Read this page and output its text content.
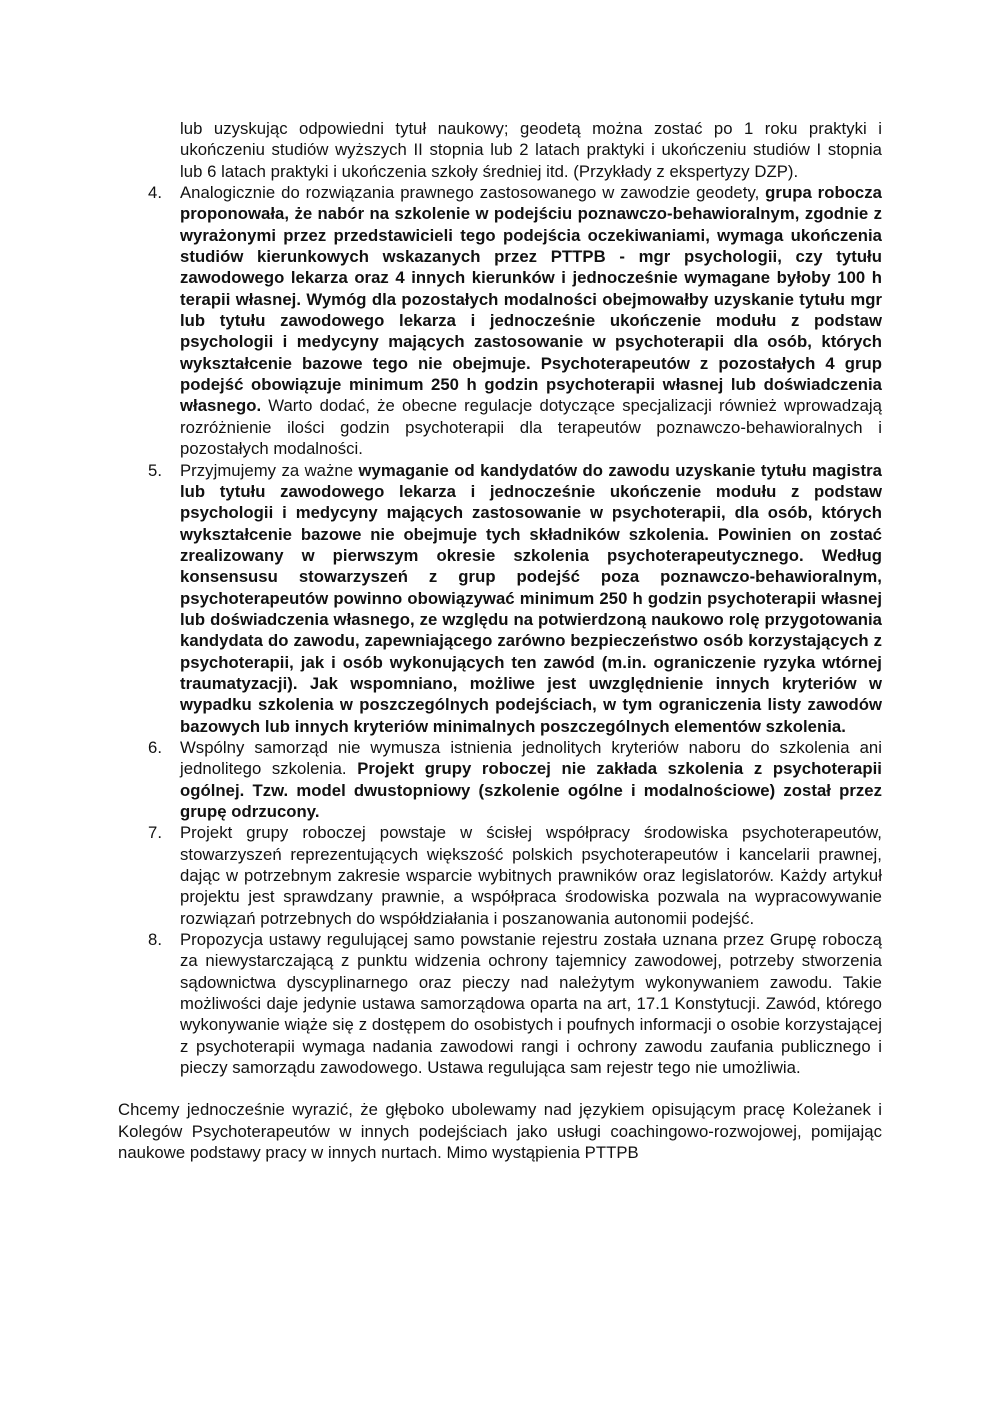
lub uzyskując odpowiedni tytuł naukowy; geodetą można zostać po 1 roku praktyki i ukończeniu studiów wyższych II stopnia lub 2 latach praktyki i ukończeniu studiów I stopnia lub 6 latach praktyki i ukończenia szkoły średniej itd. (Przykłady z ekspertyzy DZP).

4. Analogicznie do rozwiązania prawnego zastosowanego w zawodzie geodety, grupa robocza proponowała, że nabór na szkolenie w podejściu poznawczo-behawioralnym, zgodnie z wyrażonymi przez przedstawicieli tego podejścia oczekiwaniami, wymaga ukończenia studiów kierunkowych wskazanych przez PTTPB - mgr psychologii, czy tytułu zawodowego lekarza oraz 4 innych kierunków i jednocześnie wymagane byłoby 100 h terapii własnej. Wymóg dla pozostałych modalności obejmowałby uzyskanie tytułu mgr lub tytułu zawodowego lekarza i jednocześnie ukończenie modułu z podstaw psychologii i medycyny mających zastosowanie w psychoterapii dla osób, których wykształcenie bazowe tego nie obejmuje. Psychoterapeutów z pozostałych 4 grup podejść obowiązuje minimum 250 h godzin psychoterapii własnej lub doświadczenia własnego. Warto dodać, że obecne regulacje dotyczące specjalizacji również wprowadzają rozróżnienie ilości godzin psychoterapii dla terapeutów poznawczo-behawioralnych i pozostałych modalności.

5. Przyjmujemy za ważne wymaganie od kandydatów do zawodu uzyskanie tytułu magistra lub tytułu zawodowego lekarza i jednocześnie ukończenie modułu z podstaw psychologii i medycyny mających zastosowanie w psychoterapii, dla osób, których wykształcenie bazowe nie obejmuje tych składników szkolenia. Powinien on zostać zrealizowany w pierwszym okresie szkolenia psychoterapeutycznego. Według konsensusu stowarzyszeń z grup podejść poza poznawczo-behawioralnym, psychoterapeutów powinno obowiązywać minimum 250 h godzin psychoterapii własnej lub doświadczenia własnego, ze względu na potwierdzoną naukowo rolę przygotowania kandydata do zawodu, zapewniającego zarówno bezpieczeństwo osób korzystających z psychoterapii, jak i osób wykonujących ten zawód (m.in. ograniczenie ryzyka wtórnej traumatyzacji). Jak wspomniano, możliwe jest uwzględnienie innych kryteriów w wypadku szkolenia w poszczególnych podejściach, w tym ograniczenia listy zawodów bazowych lub innych kryteriów minimalnych poszczególnych elementów szkolenia.

6. Wspólny samorząd nie wymusza istnienia jednolitych kryteriów naboru do szkolenia ani jednolitego szkolenia. Projekt grupy roboczej nie zakłada szkolenia z psychoterapii ogólnej. Tzw. model dwustopniowy (szkolenie ogólne i modalnościowe) został przez grupę odrzucony.

7. Projekt grupy roboczej powstaje w ścisłej współpracy środowiska psychoterapeutów, stowarzyszeń reprezentujących większość polskich psychoterapeutów i kancelarii prawnej, dając w potrzebnym zakresie wsparcie wybitnych prawników oraz legislatorów. Każdy artykuł projektu jest sprawdzany prawnie, a współpraca środowiska pozwala na wypracowywanie rozwiązań potrzebnych do współdziałania i poszanowania autonomii podejść.

8. Propozycja ustawy regulującej samo powstanie rejestru została uznana przez Grupę roboczą za niewystarczającą z punktu widzenia ochrony tajemnicy zawodowej, potrzeby stworzenia sądownictwa dyscyplinarnego oraz pieczy nad należytym wykonywaniem zawodu. Takie możliwości daje jedynie ustawa samorządowa oparta na art, 17.1 Konstytucji. Zawód, którego wykonywanie wiąże się z dostępem do osobistych i poufnych informacji o osobie korzystającej z psychoterapii wymaga nadania zawodowi rangi i ochrony zawodu zaufania publicznego i pieczy samorządu zawodowego. Ustawa regulująca sam rejestr tego nie umożliwia.

Chcemy jednocześnie wyrazić, że głęboko ubolewamy nad językiem opisującym pracę Koleżanek i Kolegów Psychoterapeutów w innych podejściach jako usługi coachingowo-rozwojowej, pomijając naukowe podstawy pracy w innych nurtach. Mimo wystąpienia PTTPB
